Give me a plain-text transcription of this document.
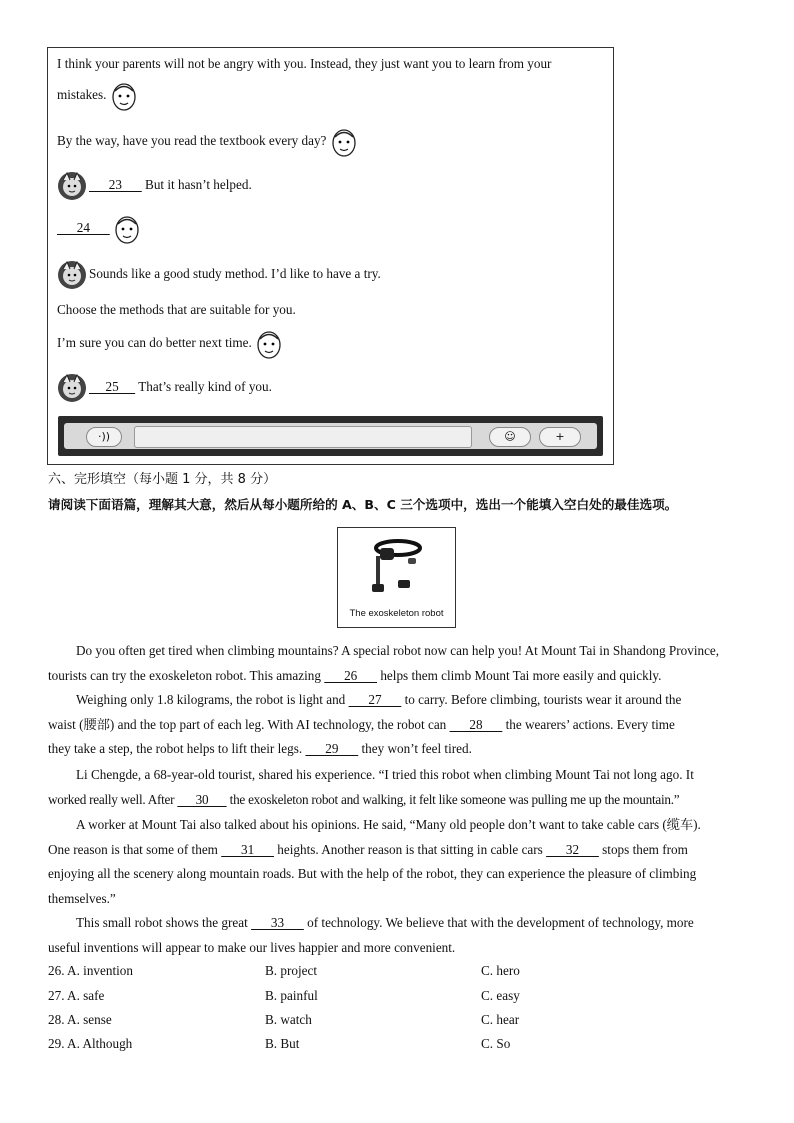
I think your parents will not be angry with you. Instead, they just want you to learn from your
mistakes.
By the way, have you read the textbook every day?
23       But it hasn’t helped.
24
Sounds like a good study method. I’d like to have a try.
Choose the methods that are suitable for you.
I’m sure you can do better next time.
25      That’s really kind of you.
·))	☺	+
六、完形填空（每小题 1 分，共 8 分）
请阅读下面语篇，理解其大意，然后从每小题所给的 A、B、C 三个选项中，选出一个能填入空白处的最佳选项。
The exoskeleton robot
Do you often get tired when climbing mountains? A special robot now can help you! At Mount Tai in Shandong Province,
tourists can try the exoskeleton robot. This amazing       26       helps them climb Mount Tai more easily and quickly.
Weighing only 1.8 kilograms, the robot is light and       27       to carry. Before climbing, tourists wear it around the
waist (腰部) and the top part of each leg. With AI technology, the robot can       28       the wearers’ actions. Every time
they take a step, the robot helps to lift their legs.       29       they won’t feel tired.
Li Chengde, a 68-year-old tourist, shared his experience. “I tried this robot when climbing Mount Tai not long ago. It
worked really well. After       30       the exoskeleton robot and walking, it felt like someone was pulling me up the mountain.”
A worker at Mount Tai also talked about his opinions. He said, “Many old people don’t want to take cable cars (缆车).
One reason is that some of them       31       heights. Another reason is that sitting in cable cars       32       stops them from
enjoying all the scenery along mountain roads. But with the help of the robot, they can experience the pleasure of climbing
themselves.”
This small robot shows the great       33       of technology. We believe that with the development of technology, more
useful inventions will appear to make our lives happier and more convenient.
26. A. invention	B. project	C. hero
27. A. safe	B. painful	C. easy
28. A. sense	B. watch	C. hear
29. A. Although	B. But	C. So
